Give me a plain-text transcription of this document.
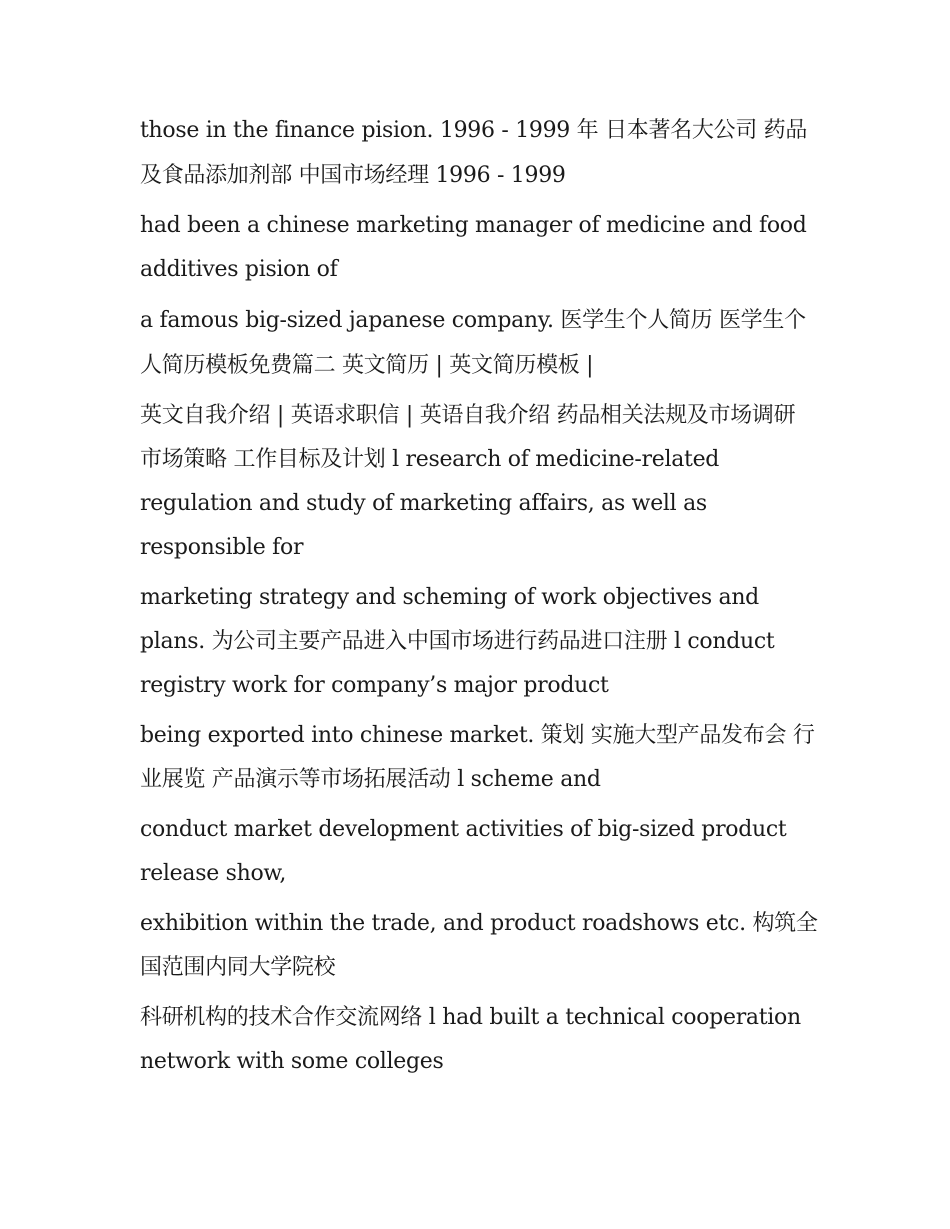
those in the finance pision. 1996 - 1999 年 日本著名大公司 药品及食品添加剂部 中国市场经理 1996 - 1999

had been a chinese marketing manager of medicine and food additives pision of

a famous big-sized japanese company. 医学生个人简历 医学生个人简历模板免费篇二 英文简历 | 英文简历模板 |

英文自我介绍 | 英语求职信 | 英语自我介绍 药品相关法规及市场调研 市场策略 工作目标及计划 l research of medicine-related regulation and study of marketing affairs, as well as responsible for

marketing strategy and scheming of work objectives and plans. 为公司主要产品进入中国市场进行药品进口注册 l conduct registry work for company’s major product

being exported into chinese market. 策划 实施大型产品发布会 行业展览 产品演示等市场拓展活动 l scheme and

conduct market development activities of big-sized product release show,

exhibition within the trade, and product roadshows etc. 构筑全国范围内同大学院校

科研机构的技术合作交流网络 l had built a technical cooperation network with some colleges
